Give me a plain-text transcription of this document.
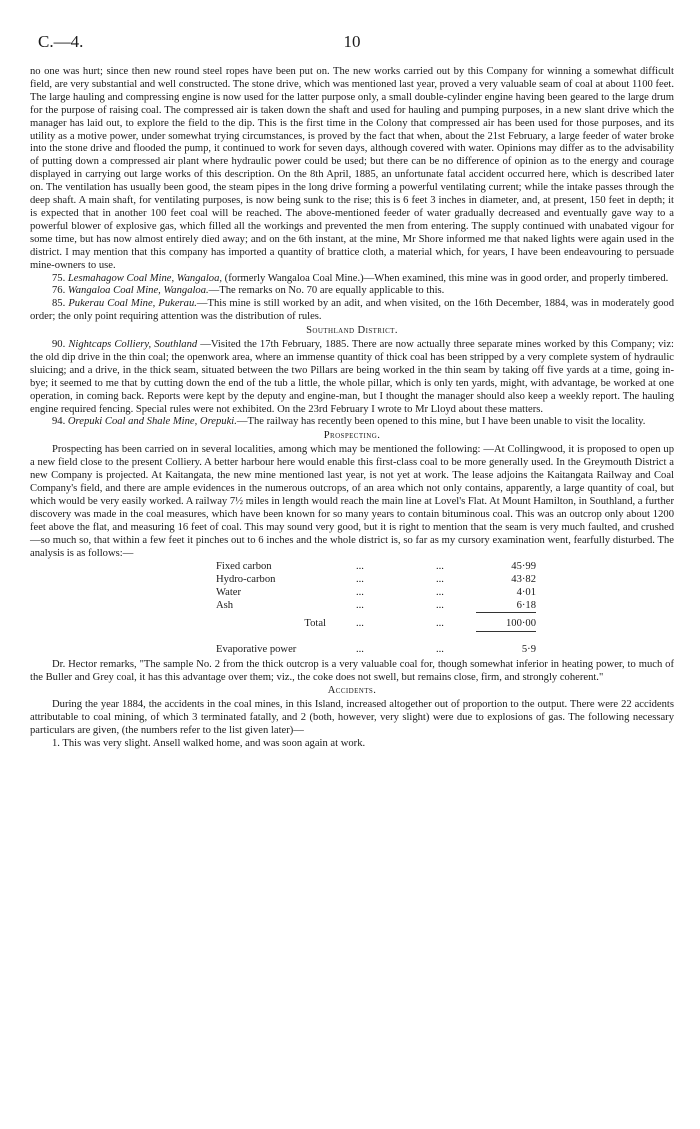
C.—4.	10

no one was hurt; since then new round steel ropes have been put on. The new works carried out by this Company for winning a somewhat difficult field, are very substantial and well constructed. The stone drive, which was mentioned last year, proved a very valuable seam of coal at about 1100 feet. The large hauling and compressing engine is now used for the latter purpose only, a small double-cylinder engine having been geared to the large drum for the purpose of raising coal. The compressed air is taken down the shaft and used for hauling and pumping purposes, in a new slant drive which the manager has laid out, to explore the field to the dip. This is the first time in the Colony that compressed air has been used for those purposes, and its utility as a motive power, under somewhat trying circumstances, is proved by the fact that when, about the 21st February, a large feeder of water broke into the stone drive and flooded the pump, it continued to work for seven days, although covered with water. Opinions may differ as to the advisability of putting down a compressed air plant where hydraulic power could be used; but there can be no difference of opinion as to the energy and courage displayed in carrying out large works of this description. On the 8th April, 1885, an unfortunate fatal accident occurred here, which is described later on. The ventilation has usually been good, the steam pipes in the long drive forming a powerful ventilating current; while the intake passes through the deep shaft. A main shaft, for ventilating purposes, is now being sunk to the rise; this is 6 feet 3 inches in diameter, and, at present, 150 feet in depth; it is expected that in another 100 feet coal will be reached. The above-mentioned feeder of water gradually decreased and eventually gave way to a powerful blower of explosive gas, which filled all the workings and prevented the men from entering. The supply continued with unabated vigour for some time, but has now almost entirely died away; and on the 6th instant, at the mine, Mr Shore informed me that naked lights were again used in the district. I may mention that this company has imported a quantity of brattice cloth, a material which, for years, I have been endeavouring to persuade mine-owners to use.

75. Lesmahagow Coal Mine, Wangaloa, (formerly Wangaloa Coal Mine.)—When examined, this mine was in good order, and properly timbered.

76. Wangaloa Coal Mine, Wangaloa.—The remarks on No. 70 are equally applicable to this.

85. Pukerau Coal Mine, Pukerau.—This mine is still worked by an adit, and when visited, on the 16th December, 1884, was in moderately good order; the only point requiring attention was the distribution of rules.

Southland District.

90. Nightcaps Colliery, Southland —Visited the 17th February, 1885. There are now actually three separate mines worked by this Company; viz: the old dip drive in the thin coal; the openwork area, where an immense quantity of thick coal has been stripped by a very complete system of hydraulic sluicing; and a drive, in the thick seam, situated between the two Pillars are being worked in the thin seam by taking off five yards at a time, going in-bye; it seemed to me that by cutting down the end of the tub a little, the whole pillar, which is only ten yards, might, with advantage, be worked at one operation, in coming back. Reports were kept by the deputy and engine-man, but I thought the manager should also keep a weekly report. The hauling engine required fencing. Special rules were not exhibited. On the 23rd February I wrote to Mr Lloyd about these matters.

94. Orepuki Coal and Shale Mine, Orepuki.—The railway has recently been opened to this mine, but I have been unable to visit the locality.

Prospecting.

Prospecting has been carried on in several localities, among which may be mentioned the following: —At Collingwood, it is proposed to open up a new field close to the present Colliery. A better harbour here would enable this first-class coal to be more generally used. In the Greymouth District a new Company is projected. At Kaitangata, the new mine mentioned last year, is not yet at work. The lease adjoins the Kaitangata Railway and Coal Company's field, and there are ample evidences in the numerous outcrops, of an area which not only contains, apparently, a large quantity of coal, but which would be very easily worked. A railway 7½ miles in length would reach the main line at Lovel's Flat. At Mount Hamilton, in Southland, a further discovery was made in the coal measures, which have been known for so many years to contain bituminous coal. This was an outcrop only about 1200 feet above the flat, and measuring 16 feet of coal. This may sound very good, but it is right to mention that the seam is very much faulted, and crushed—so much so, that within a few feet it pinches out to 6 inches and the whole district is, so far as my cursory examination went, fearfully disturbed. The analysis is as follows:—

Fixed carbon	...	...	45·99
Hydro-carbon	...	...	43·82
Water	...	...	4·01
Ash	...	...	6·18
Total	...	...	100·00

Evaporative power	...	...	5·9

Dr. Hector remarks, "The sample No. 2 from the thick outcrop is a very valuable coal for, though somewhat inferior in heating power, to much of the Buller and Grey coal, it has this advantage over them; viz., the coke does not swell, but remains close, firm, and strongly coherent."

Accidents.

During the year 1884, the accidents in the coal mines, in this Island, increased altogether out of proportion to the output. There were 22 accidents attributable to coal mining, of which 3 terminated fatally, and 2 (both, however, very slight) were due to explosions of gas. The following necessary particulars are given, (the numbers refer to the list given later)—

1. This was very slight. Ansell walked home, and was soon again at work.
